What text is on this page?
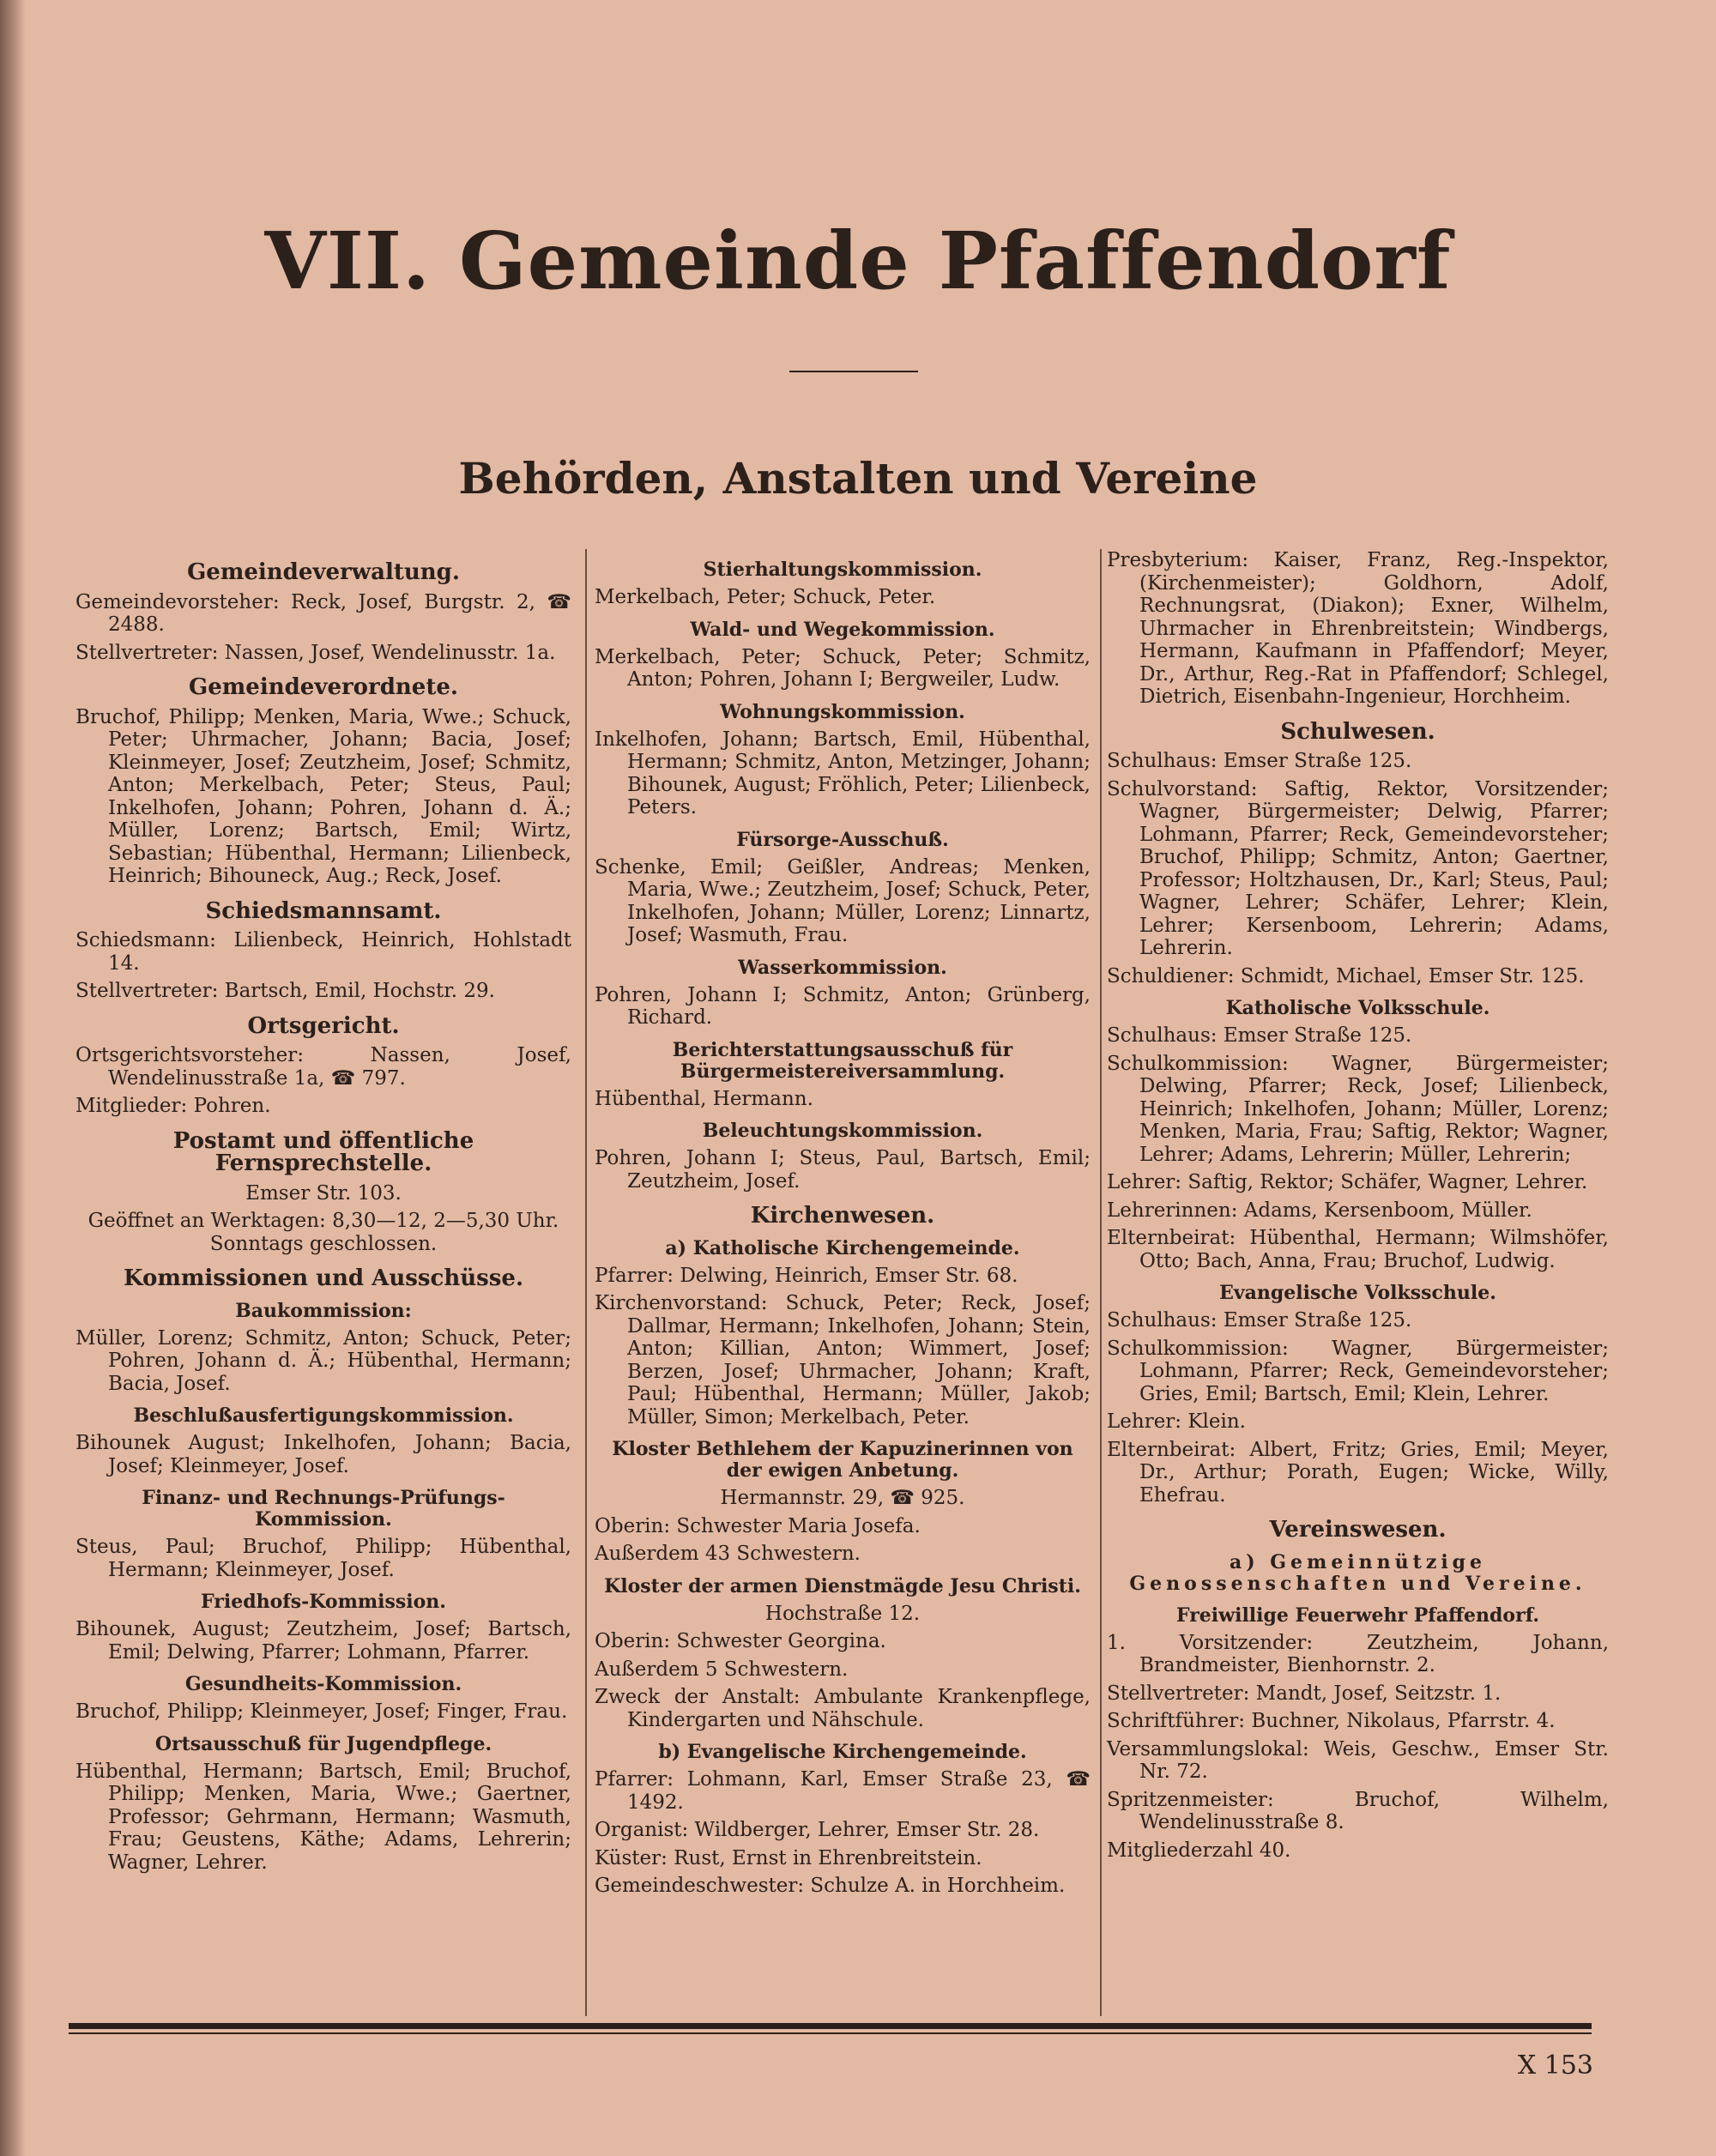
VII. Gemeinde Pfaffendorf
Behörden, Anstalten und Vereine
Gemeindeverwaltung.

Gemeindevorsteher: Reck, Josef, Burgstr. 2, ☎ 2488.

Stellvertreter: Nassen, Josef, Wendelinusstr. 1a.

Gemeindeverordnete.

Bruchof, Philipp; Menken, Maria, Wwe.; Schuck, Peter; Uhrmacher, Johann; Bacia, Josef; Kleinmeyer, Josef; Zeutzheim, Josef; Schmitz, Anton; Merkelbach, Peter; Steus, Paul; Inkelhofen, Johann; Pohren, Johann d. Ä.; Müller, Lorenz; Bartsch, Emil; Wirtz, Sebastian; Hübenthal, Hermann; Lilienbeck, Heinrich; Bihouneck, Aug.; Reck, Josef.

Schiedsmannsamt.

Schiedsmann: Lilienbeck, Heinrich, Hohlstadt 14.

Stellvertreter: Bartsch, Emil, Hochstr. 29.

Ortsgericht.

Ortsgerichtsvorsteher: Nassen, Josef, Wendelinusstraße 1a, ☎ 797.

Mitglieder: Pohren.

Postamt und öffentliche Fernsprechstelle.

Emser Str. 103.

Geöffnet an Werktagen: 8,30—12, 2—5,30 Uhr. Sonntags geschlossen.

Kommissionen und Ausschüsse.
Baukommission:

Müller, Lorenz; Schmitz, Anton; Schuck, Peter; Pohren, Johann d. Ä.; Hübenthal, Hermann; Bacia, Josef.

Beschlußausfertigungskommission.

Bihounek August; Inkelhofen, Johann; Bacia, Josef; Kleinmeyer, Josef.

Finanz- und Rechnungs-Prüfungs-Kommission.

Steus, Paul; Bruchof, Philipp; Hübenthal, Hermann; Kleinmeyer, Josef.

Friedhofs-Kommission.

Bihounek, August; Zeutzheim, Josef; Bartsch, Emil; Delwing, Pfarrer; Lohmann, Pfarrer.

Gesundheits-Kommission.

Bruchof, Philipp; Kleinmeyer, Josef; Finger, Frau.

Ortsausschuß für Jugendpflege.

Hübenthal, Hermann; Bartsch, Emil; Bruchof, Philipp; Menken, Maria, Wwe.; Gaertner, Professor; Gehrmann, Hermann; Wasmuth, Frau; Geustens, Käthe; Adams, Lehrerin; Wagner, Lehrer.

Stierhaltungskommission.

Merkelbach, Peter; Schuck, Peter.

Wald- und Wegekommission.

Merkelbach, Peter; Schuck, Peter; Schmitz, Anton; Pohren, Johann I; Bergweiler, Ludw.

Wohnungskommission.

Inkelhofen, Johann; Bartsch, Emil, Hübenthal, Hermann; Schmitz, Anton, Metzinger, Johann; Bihounek, August; Fröhlich, Peter; Lilienbeck, Peters.

Fürsorge-Ausschuß.

Schenke, Emil; Geißler, Andreas; Menken, Maria, Wwe.; Zeutzheim, Josef; Schuck, Peter, Inkelhofen, Johann; Müller, Lorenz; Linnartz, Josef; Wasmuth, Frau.

Wasserkommission.

Pohren, Johann I; Schmitz, Anton; Grünberg, Richard.

Berichterstattungsausschuß für Bürgermeistereiversammlung.

Hübenthal, Hermann.

Beleuchtungskommission.

Pohren, Johann I; Steus, Paul, Bartsch, Emil; Zeutzheim, Josef.

Kirchenwesen.
a) Katholische Kirchengemeinde.

Pfarrer: Delwing, Heinrich, Emser Str. 68.

Kirchenvorstand: Schuck, Peter; Reck, Josef; Dallmar, Hermann; Inkelhofen, Johann; Stein, Anton; Killian, Anton; Wimmert, Josef; Berzen, Josef; Uhrmacher, Johann; Kraft, Paul; Hübenthal, Hermann; Müller, Jakob; Müller, Simon; Merkelbach, Peter.

Kloster Bethlehem der Kapuzinerinnen von der ewigen Anbetung.

Hermannstr. 29, ☎ 925.

Oberin: Schwester Maria Josefa.

Außerdem 43 Schwestern.

Kloster der armen Dienstmägde Jesu Christi.

Hochstraße 12.

Oberin: Schwester Georgina.

Außerdem 5 Schwestern.

Zweck der Anstalt: Ambulante Krankenpflege, Kindergarten und Nähschule.

b) Evangelische Kirchengemeinde.

Pfarrer: Lohmann, Karl, Emser Straße 23, ☎ 1492.

Organist: Wildberger, Lehrer, Emser Str. 28.

Küster: Rust, Ernst in Ehrenbreitstein.

Gemeindeschwester: Schulze A. in Horchheim.

Presbyterium: Kaiser, Franz, Reg.-Inspektor, (Kirchenmeister); Goldhorn, Adolf, Rechnungsrat, (Diakon); Exner, Wilhelm, Uhrmacher in Ehrenbreitstein; Windbergs, Hermann, Kaufmann in Pfaffendorf; Meyer, Dr., Arthur, Reg.-Rat in Pfaffendorf; Schlegel, Dietrich, Eisenbahn-Ingenieur, Horchheim.

Schulwesen.

Schulhaus: Emser Straße 125.

Schulvorstand: Saftig, Rektor, Vorsitzender; Wagner, Bürgermeister; Delwig, Pfarrer; Lohmann, Pfarrer; Reck, Gemeindevorsteher; Bruchof, Philipp; Schmitz, Anton; Gaertner, Professor; Holtzhausen, Dr., Karl; Steus, Paul; Wagner, Lehrer; Schäfer, Lehrer; Klein, Lehrer; Kersenboom, Lehrerin; Adams, Lehrerin.

Schuldiener: Schmidt, Michael, Emser Str. 125.

Katholische Volksschule.

Schulhaus: Emser Straße 125.

Schulkommission: Wagner, Bürgermeister; Delwing, Pfarrer; Reck, Josef; Lilienbeck, Heinrich; Inkelhofen, Johann; Müller, Lorenz; Menken, Maria, Frau; Saftig, Rektor; Wagner, Lehrer; Adams, Lehrerin; Müller, Lehrerin;

Lehrer: Saftig, Rektor; Schäfer, Wagner, Lehrer.

Lehrerinnen: Adams, Kersenboom, Müller.

Elternbeirat: Hübenthal, Hermann; Wilmshöfer, Otto; Bach, Anna, Frau; Bruchof, Ludwig.

Evangelische Volksschule.

Schulhaus: Emser Straße 125.

Schulkommission: Wagner, Bürgermeister; Lohmann, Pfarrer; Reck, Gemeindevorsteher; Gries, Emil; Bartsch, Emil; Klein, Lehrer.

Lehrer: Klein.

Elternbeirat: Albert, Fritz; Gries, Emil; Meyer, Dr., Arthur; Porath, Eugen; Wicke, Willy, Ehefrau.

Vereinswesen.
a) Gemeinnützige Genossenschaften und Vereine.
Freiwillige Feuerwehr Pfaffendorf.

1. Vorsitzender: Zeutzheim, Johann, Brandmeister, Bienhornstr. 2.

Stellvertreter: Mandt, Josef, Seitzstr. 1.

Schriftführer: Buchner, Nikolaus, Pfarrstr. 4.

Versammlungslokal: Weis, Geschw., Emser Str. Nr. 72.

Spritzenmeister: Bruchof, Wilhelm, Wendelinusstraße 8.

Mitgliederzahl 40.

X 153
